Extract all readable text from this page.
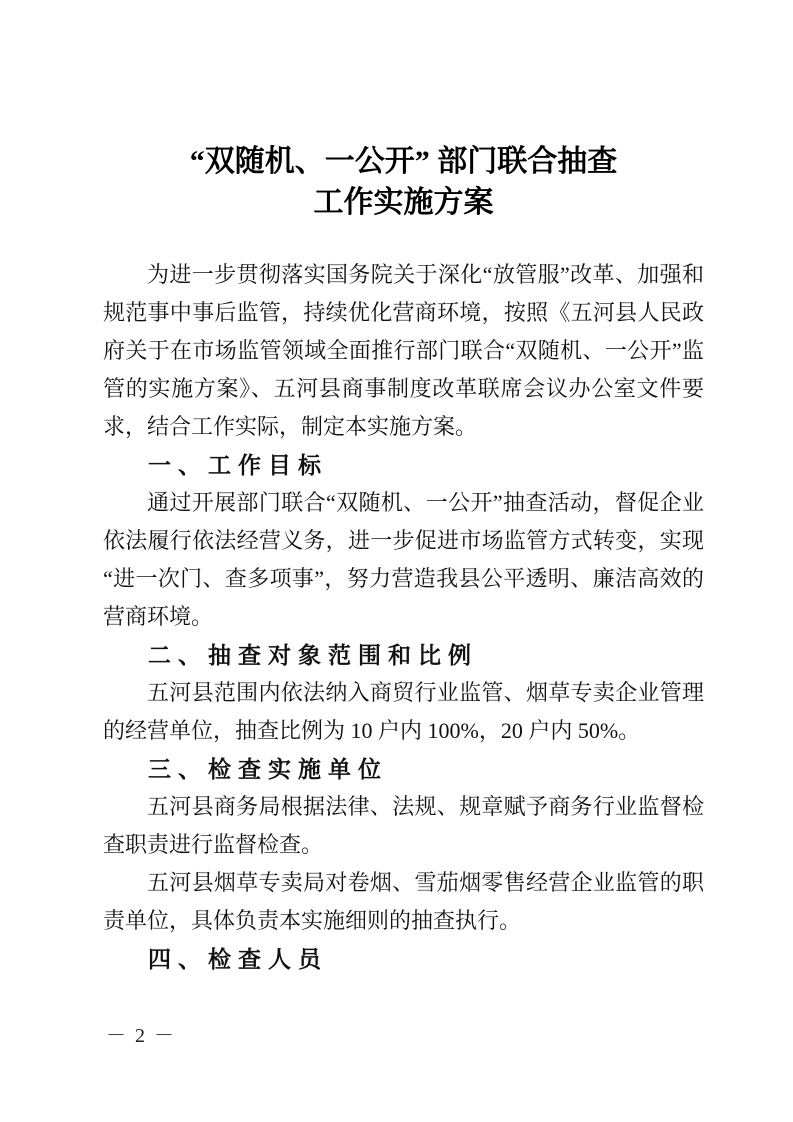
“双随机、一公开” 部门联合抽查
工作实施方案

为进一步贯彻落实国务院关于深化“放管服”改革、加强和规范事中事后监管，持续优化营商环境，按照《五河县人民政府关于在市场监管领域全面推行部门联合“双随机、一公开”监管的实施方案》、五河县商事制度改革联席会议办公室文件要求，结合工作实际，制定本实施方案。

一、工作目标

通过开展部门联合“双随机、一公开”抽查活动，督促企业依法履行依法经营义务，进一步促进市场监管方式转变，实现“进一次门、查多项事”，努力营造我县公平透明、廉洁高效的营商环境。

二、抽查对象范围和比例

五河县范围内依法纳入商贸行业监管、烟草专卖企业管理的经营单位，抽查比例为 10 户内 100%，20 户内 50%。

三、检查实施单位

五河县商务局根据法律、法规、规章赋予商务行业监督检查职责进行监督检查。

五河县烟草专卖局对卷烟、雪茄烟零售经营企业监管的职责单位，具体负责本实施细则的抽查执行。

四、检查人员
－ 2 －
